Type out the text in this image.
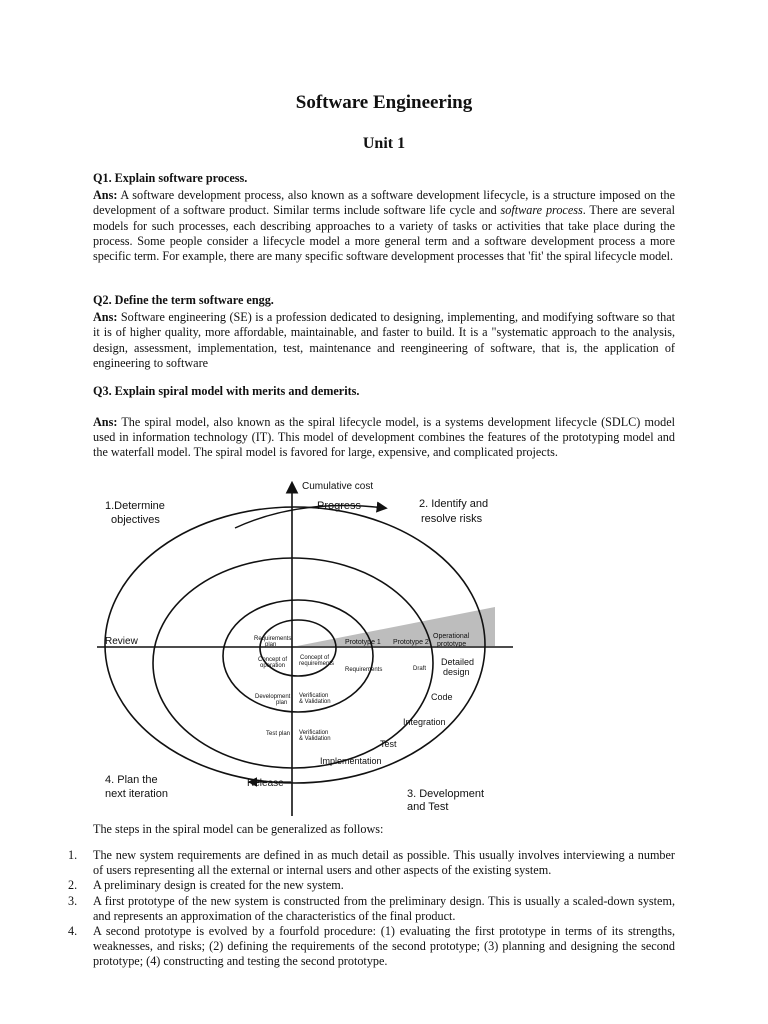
Software Engineering
Unit 1
Q1. Explain software process.
Ans: A software development process, also known as a software development lifecycle, is a structure imposed on the development of a software product. Similar terms include software life cycle and software process. There are several models for such processes, each describing approaches to a variety of tasks or activities that take place during the process. Some people consider a lifecycle model a more general term and a software development process a more specific term. For example, there are many specific software development processes that 'fit' the spiral lifecycle model.
Q2. Define the term software engg.
Ans: Software engineering (SE) is a profession dedicated to designing, implementing, and modifying software so that it is of higher quality, more affordable, maintainable, and faster to build. It is a "systematic approach to the analysis, design, assessment, implementation, test, maintenance and reengineering of software, that is, the application of engineering to software
Q3. Explain spiral model with merits and demerits.
Ans: The spiral model, also known as the spiral lifecycle model, is a systems development lifecycle (SDLC) model used in information technology (IT). This model of development combines the features of the prototyping model and the waterfall model. The spiral model is favored for large, expensive, and complicated projects.
Cumulative cost
Progress
1.Determine
objectives
2. Identify and
resolve risks
3. Development
and Test
4. Plan the
next iteration
Review
Release
Requirements
plan	Prototype 1 Prototype 2
Operational
prototype
Concept of
operation
Development
plan
Test plan
Concept of
requirements
Requirements	Draft
Detailed
design
Verification
& Validation
Verification
& Validation
Code
Integration
Test
Implementation
The steps in the spiral model can be generalized as follows:
1. The new system requirements are defined in as much detail as possible. This usually involves interviewing a number of users representing all the external or internal users and other aspects of the existing system.
2. A preliminary design is created for the new system.
3. A first prototype of the new system is constructed from the preliminary design. This is usually a scaled-down system, and represents an approximation of the characteristics of the final product.
4. A second prototype is evolved by a fourfold procedure: (1) evaluating the first prototype in terms of its strengths, weaknesses, and risks; (2) defining the requirements of the second prototype; (3) planning and designing the second prototype; (4) constructing and testing the second prototype.
